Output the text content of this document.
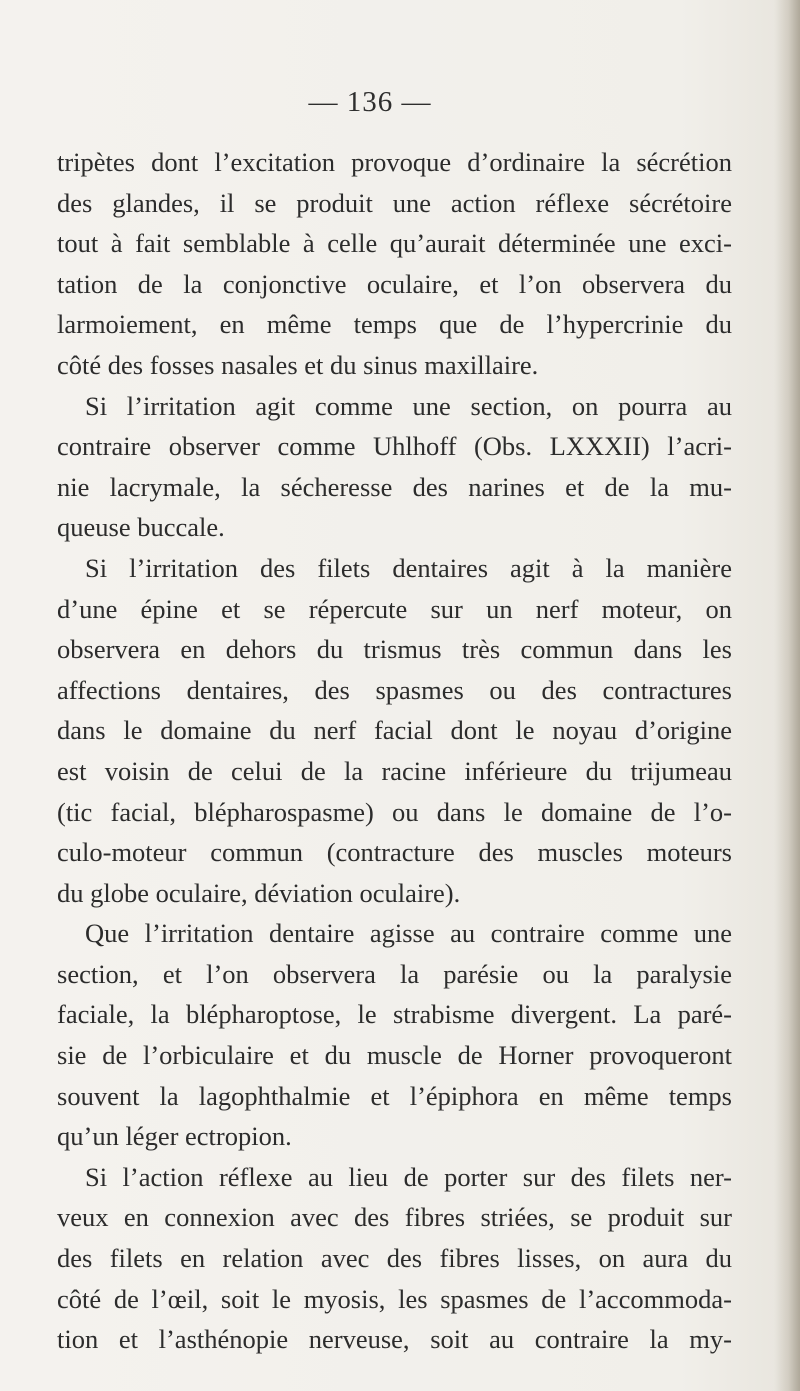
— 136 —
tripètes dont l’excitation provoque d’ordinaire la sécrétion
des glandes, il se produit une action réflexe sécrétoire
tout à fait semblable à celle qu’aurait déterminée une exci-
tation de la conjonctive oculaire, et l’on observera du
larmoiement, en même temps que de l’hypercrinie du
côté des fosses nasales et du sinus maxillaire.
Si l’irritation agit comme une section, on pourra au
contraire observer comme Uhlhoff (Obs. LXXXII) l’acri-
nie lacrymale, la sécheresse des narines et de la mu-
queuse buccale.
Si l’irritation des filets dentaires agit à la manière
d’une épine et se répercute sur un nerf moteur, on
observera en dehors du trismus très commun dans les
affections dentaires, des spasmes ou des contractures
dans le domaine du nerf facial dont le noyau d’origine
est voisin de celui de la racine inférieure du trijumeau
(tic facial, blépharospasme) ou dans le domaine de l’o-
culo-moteur commun (contracture des muscles moteurs
du globe oculaire, déviation oculaire).
Que l’irritation dentaire agisse au contraire comme une
section, et l’on observera la parésie ou la paralysie
faciale, la blépharoptose, le strabisme divergent. La paré-
sie de l’orbiculaire et du muscle de Horner provoqueront
souvent la lagophthalmie et l’épiphora en même temps
qu’un léger ectropion.
Si l’action réflexe au lieu de porter sur des filets ner-
veux en connexion avec des fibres striées, se produit sur
des filets en relation avec des fibres lisses, on aura du
côté de l’œil, soit le myosis, les spasmes de l’accommoda-
tion et l’asthénopie nerveuse, soit au contraire la my-
